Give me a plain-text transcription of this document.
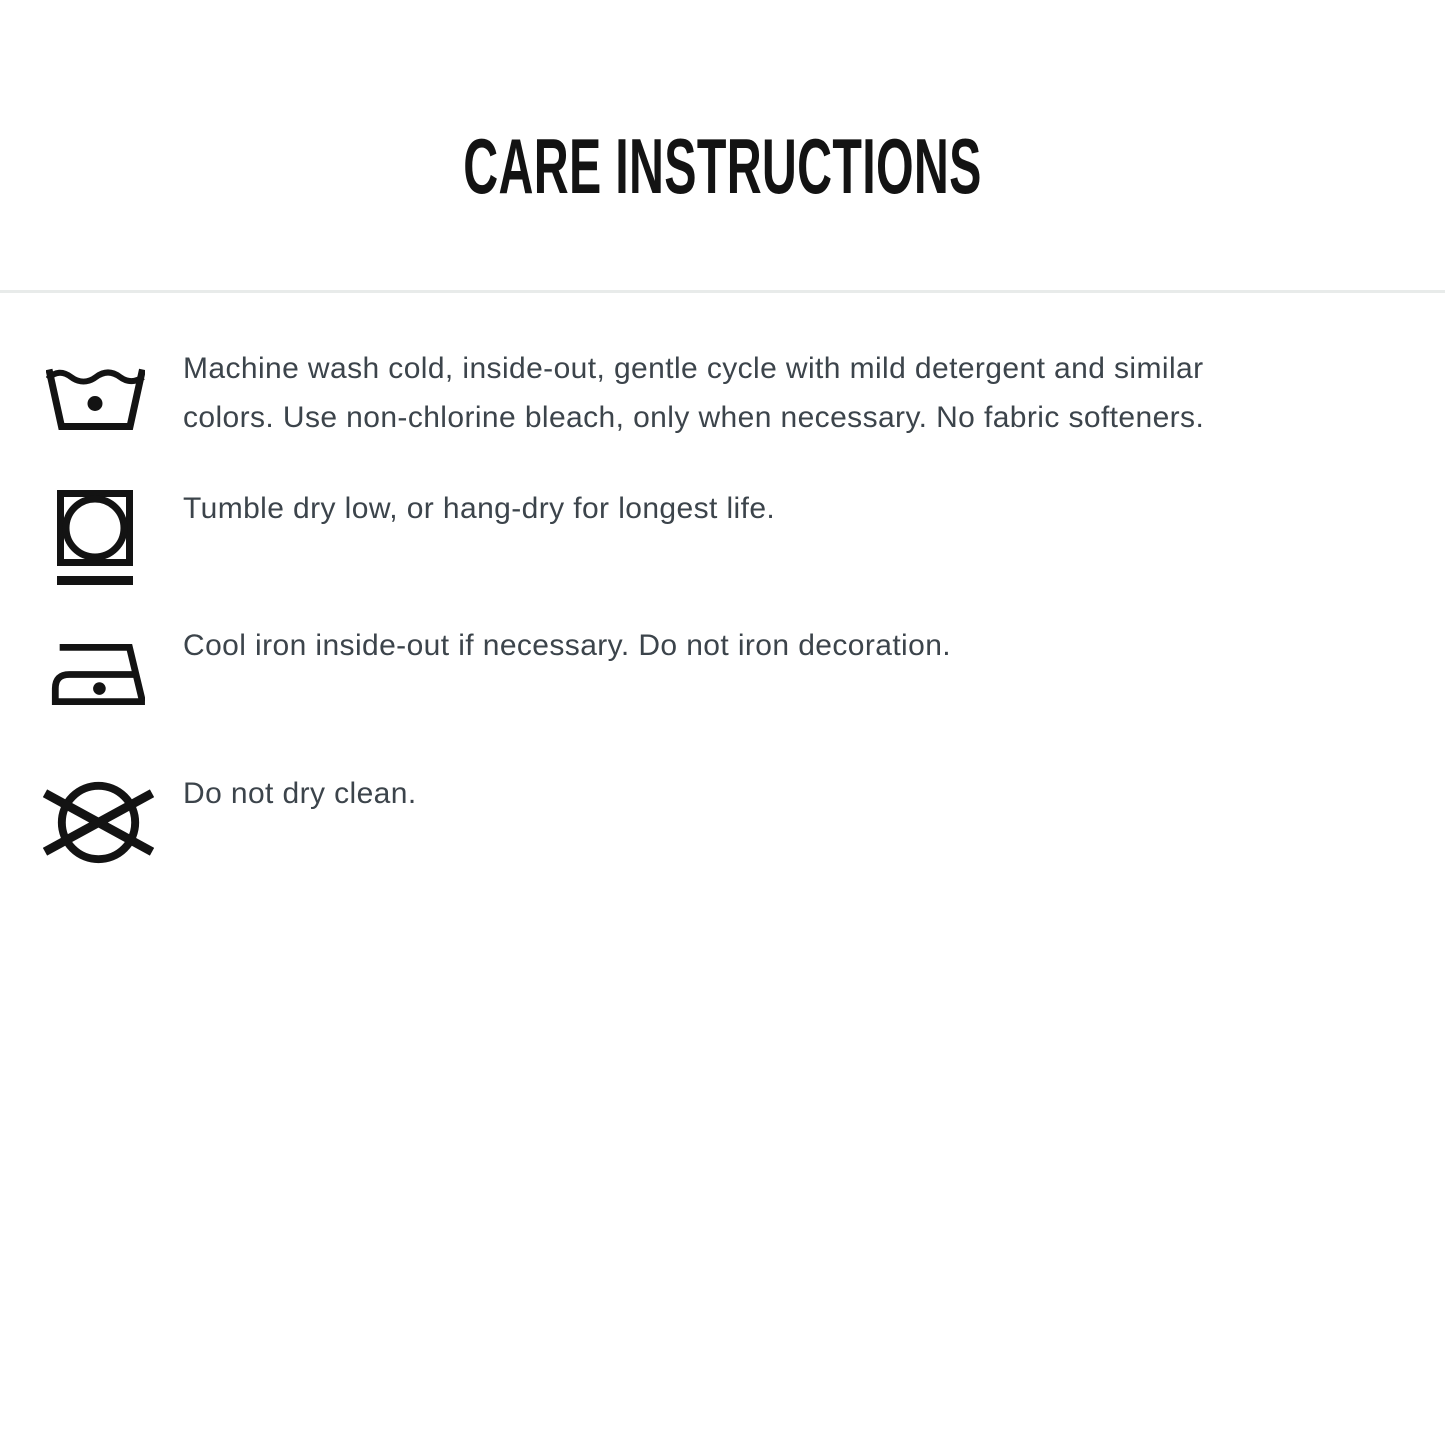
CARE INSTRUCTIONS
Machine wash cold, inside-out, gentle cycle with mild detergent and similar
colors. Use non-chlorine bleach, only when necessary. No fabric softeners.
Tumble dry low, or hang-dry for longest life.
Cool iron inside-out if necessary. Do not iron decoration.
Do not dry clean.
